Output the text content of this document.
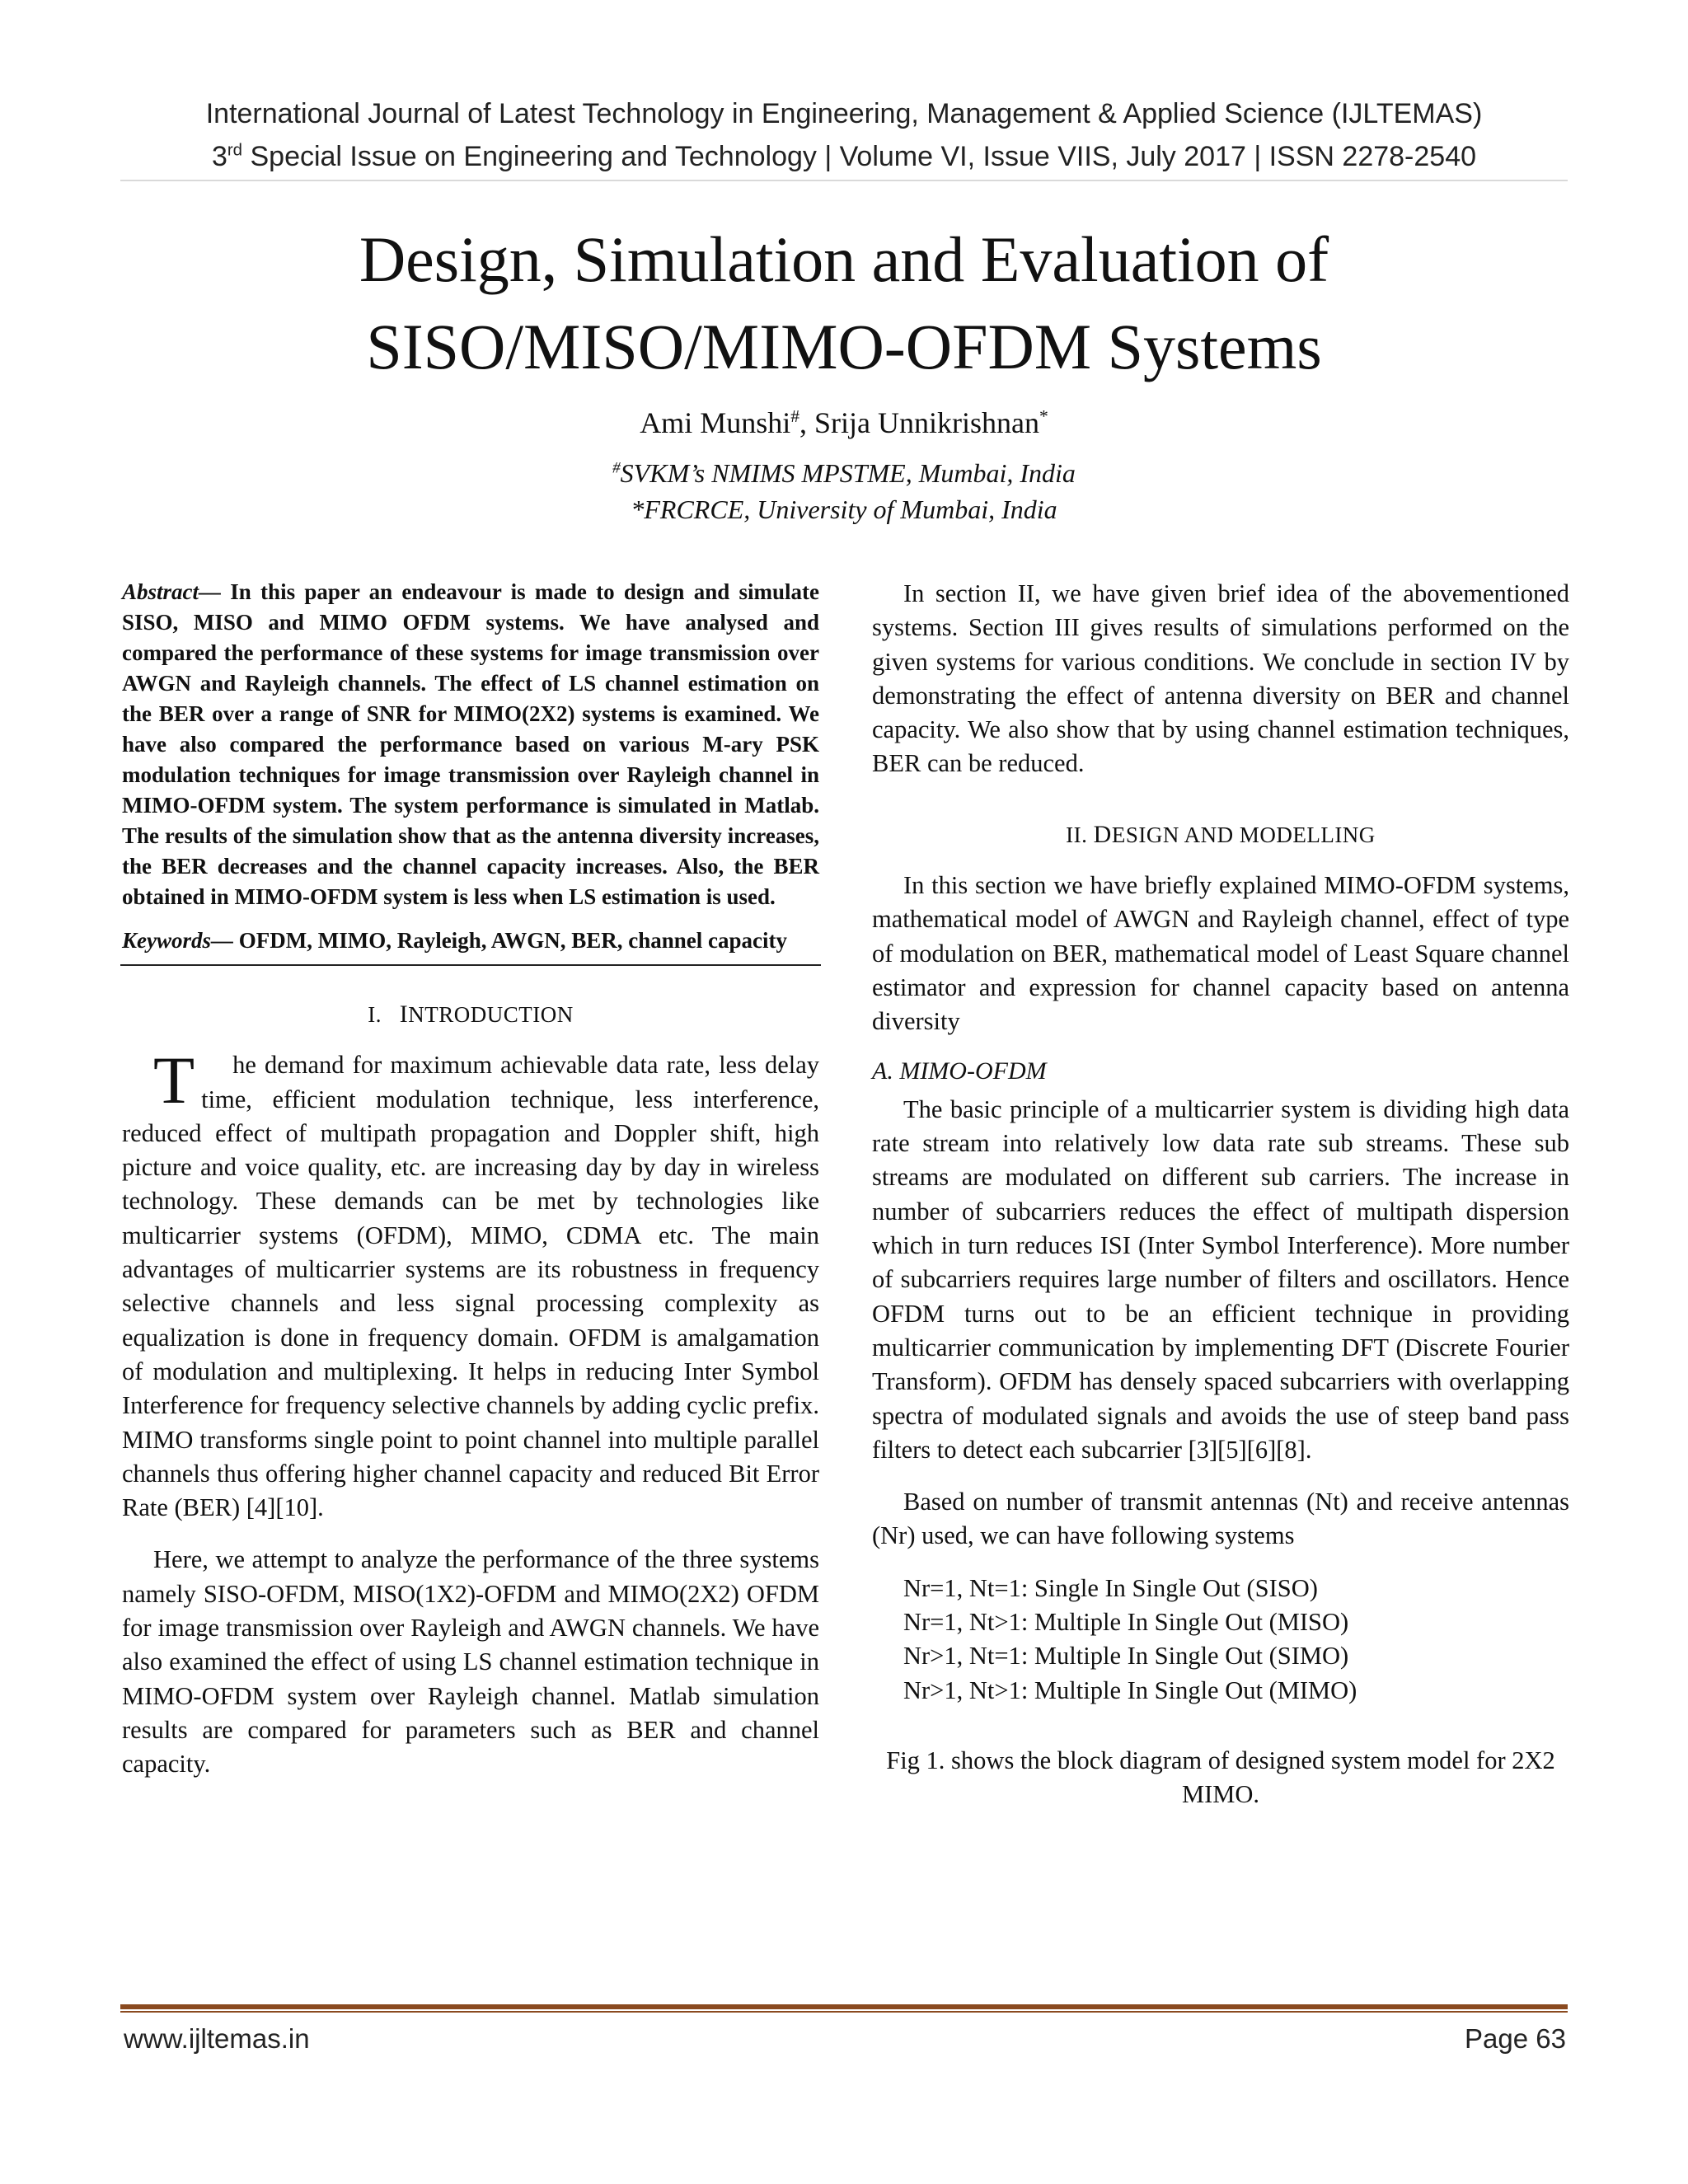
International Journal of Latest Technology in Engineering, Management & Applied Science (IJLTEMAS)
3rd Special Issue on Engineering and Technology | Volume VI, Issue VIIS, July 2017 | ISSN 2278-2540
Design, Simulation and Evaluation of
SISO/MISO/MIMO-OFDM Systems
Ami Munshi#, Srija Unnikrishnan*
#SVKM’s NMIMS MPSTME, Mumbai, India
*FRCRCE, University of Mumbai, India
Abstract— In this paper an endeavour is made to design and simulate SISO, MISO and MIMO OFDM systems. We have analysed and compared the performance of these systems for image transmission over AWGN and Rayleigh channels. The effect of LS channel estimation on the BER over a range of SNR for MIMO(2X2) systems is examined. We have also compared the performance based on various M-ary PSK modulation techniques for image transmission over Rayleigh channel in MIMO-OFDM system. The system performance is simulated in Matlab. The results of the simulation show that as the antenna diversity increases, the BER decreases and the channel capacity increases. Also, the BER obtained in MIMO-OFDM system is less when LS estimation is used.
Keywords— OFDM, MIMO, Rayleigh, AWGN, BER, channel capacity
I. INTRODUCTION

T he demand for maximum achievable data rate, less delay time, efficient modulation technique, less interference, reduced effect of multipath propagation and Doppler shift, high picture and voice quality, etc. are increasing day by day in wireless technology. These demands can be met by technologies like multicarrier systems (OFDM), MIMO, CDMA etc. The main advantages of multicarrier systems are its robustness in frequency selective channels and less signal processing complexity as equalization is done in frequency domain. OFDM is amalgamation of modulation and multiplexing. It helps in reducing Inter Symbol Interference for frequency selective channels by adding cyclic prefix. MIMO transforms single point to point channel into multiple parallel channels thus offering higher channel capacity and reduced Bit Error Rate (BER) [4][10].

Here, we attempt to analyze the performance of the three systems namely SISO-OFDM, MISO(1X2)-OFDM and MIMO(2X2) OFDM for image transmission over Rayleigh and AWGN channels. We have also examined the effect of using LS channel estimation technique in MIMO-OFDM system over Rayleigh channel. Matlab simulation results are compared for parameters such as BER and channel capacity.

In section II, we have given brief idea of the abovementioned systems. Section III gives results of simulations performed on the given systems for various conditions. We conclude in section IV by demonstrating the effect of antenna diversity on BER and channel capacity. We also show that by using channel estimation techniques, BER can be reduced.

II. DESIGN AND MODELLING

In this section we have briefly explained MIMO-OFDM systems, mathematical model of AWGN and Rayleigh channel, effect of type of modulation on BER, mathematical model of Least Square channel estimator and expression for channel capacity based on antenna diversity

A. MIMO-OFDM

The basic principle of a multicarrier system is dividing high data rate stream into relatively low data rate sub streams. These sub streams are modulated on different sub carriers. The increase in number of subcarriers reduces the effect of multipath dispersion which in turn reduces ISI (Inter Symbol Interference). More number of subcarriers requires large number of filters and oscillators. Hence OFDM turns out to be an efficient technique in providing multicarrier communication by implementing DFT (Discrete Fourier Transform). OFDM has densely spaced subcarriers with overlapping spectra of modulated signals and avoids the use of steep band pass filters to detect each subcarrier [3][5][6][8].

Based on number of transmit antennas (Nt) and receive antennas (Nr) used, we can have following systems

Nr=1, Nt=1: Single In Single Out (SISO)
Nr=1, Nt>1: Multiple In Single Out (MISO)
Nr>1, Nt=1: Multiple In Single Out (SIMO)
Nr>1, Nt>1: Multiple In Single Out (MIMO)
Fig 1. shows the block diagram of designed system model for 2X2 MIMO.
www.ijltemas.in	Page 63
